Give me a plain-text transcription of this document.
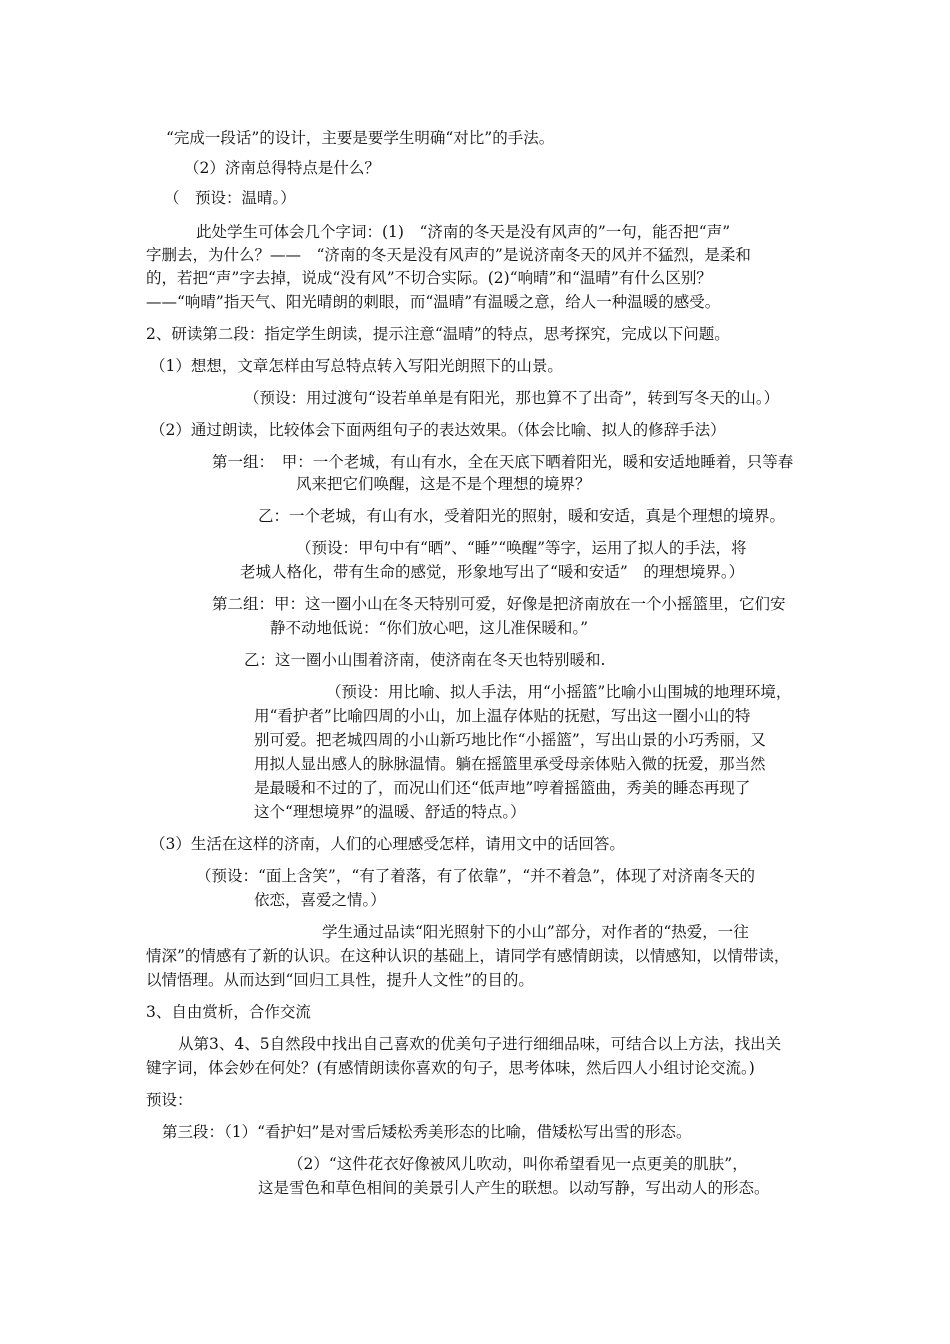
“完成一段话”的设计，主要是要学生明确“对比”的手法。
（2）济南总得特点是什么？
（　预设：温晴。）
此处学生可体会几个字词：(1)　“济南的冬天是没有风声的”一句，能否把“声”
字删去，为什么？——　“济南的冬天是没有风声的”是说济南冬天的风并不猛烈，是柔和
的，若把“声”字去掉，说成“没有风”不切合实际。(2)“响晴”和“温晴”有什么区别？
——“响晴”指天气、阳光晴朗的刺眼，而“温晴”有温暖之意，给人一种温暖的感受。
2、研读第二段：指定学生朗读，提示注意“温晴”的特点，思考探究，完成以下问题。
（1）想想，文章怎样由写总特点转入写阳光朗照下的山景。
（预设：用过渡句“设若单单是有阳光，那也算不了出奇”，转到写冬天的山。）
（2）通过朗读，比较体会下面两组句子的表达效果。（体会比喻、拟人的修辞手法）
第一组：　甲：一个老城，有山有水，全在天底下晒着阳光，暖和安适地睡着，只等春
风来把它们唤醒，这是不是个理想的境界？
乙：一个老城，有山有水，受着阳光的照射，暖和安适，真是个理想的境界。
（预设：甲句中有“晒”、“睡”“唤醒”等字，运用了拟人的手法，将
老城人格化，带有生命的感觉，形象地写出了“暖和安适”　的理想境界。）
第二组：甲：这一圈小山在冬天特别可爱，好像是把济南放在一个小摇篮里，它们安
静不动地低说：“你们放心吧，这儿准保暖和。”
乙：这一圈小山围着济南，使济南在冬天也特别暖和.
（预设：用比喻、拟人手法，用“小摇篮”比喻小山围城的地理环境，
用“看护者”比喻四周的小山，加上温存体贴的抚慰，写出这一圈小山的特
别可爱。把老城四周的小山新巧地比作“小摇篮”，写出山景的小巧秀丽，又
用拟人显出感人的脉脉温情。躺在摇篮里承受母亲体贴入微的抚爱，那当然
是最暖和不过的了，而况山们还“低声地”哼着摇篮曲，秀美的睡态再现了
这个“理想境界”的温暖、舒适的特点。）
（3）生活在这样的济南，人们的心理感受怎样，请用文中的话回答。
（预设：“面上含笑”，“有了着落，有了依靠”，“并不着急”，体现了对济南冬天的
依恋，喜爱之情。）
学生通过品读“阳光照射下的小山”部分，对作者的“热爱，一往
情深”的情感有了新的认识。在这种认识的基础上，请同学有感情朗读，以情感知，以情带读，
以情悟理。从而达到“回归工具性，提升人文性”的目的。
3、自由赏析，合作交流
从第3、4、5自然段中找出自己喜欢的优美句子进行细细品味，可结合以上方法，找出关
键字词，体会妙在何处？(有感情朗读你喜欢的句子，思考体味，然后四人小组讨论交流。)
预设：
第三段：（1）“看护妇”是对雪后矮松秀美形态的比喻，借矮松写出雪的形态。
（2）“这件花衣好像被风儿吹动，叫你希望看见一点更美的肌肤”，
这是雪色和草色相间的美景引人产生的联想。以动写静，写出动人的形态。
